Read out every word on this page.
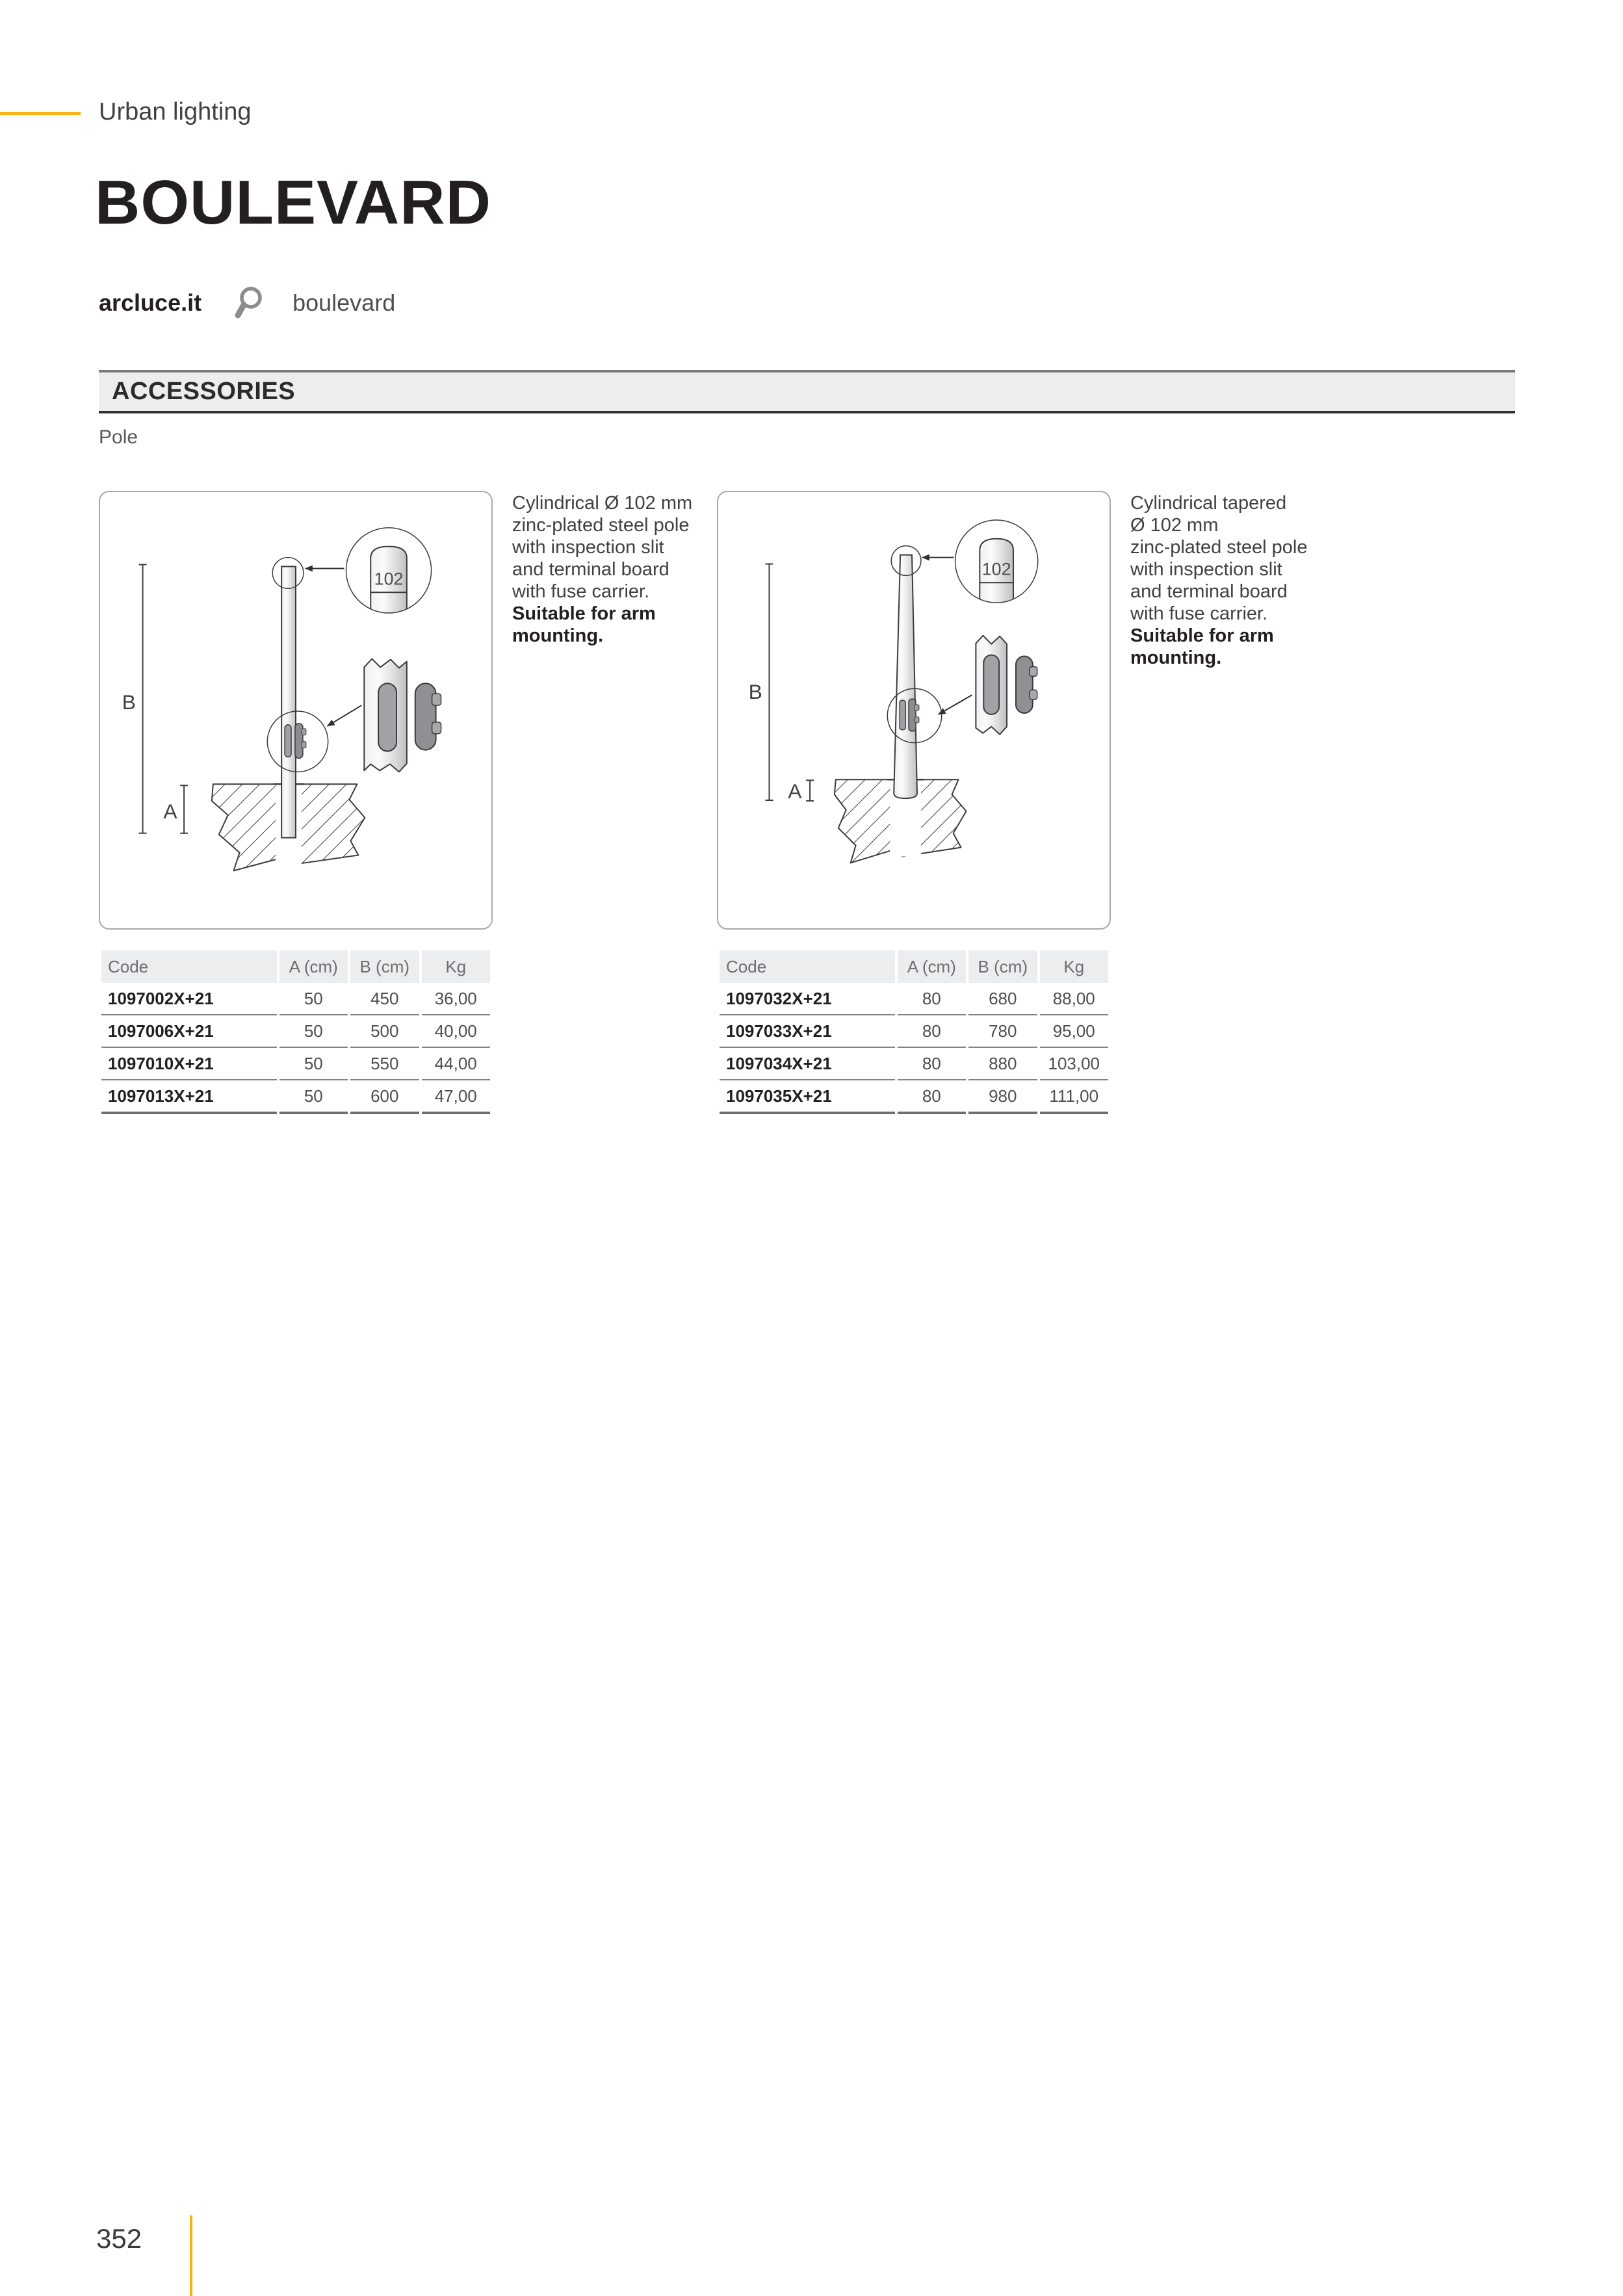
Urban lighting
BOULEVARD
arcluce.it	boulevard
ACCESSORIES
Pole
B
A
102
Cylindrical Ø 102 mm
zinc-plated steel pole
with inspection slit
and terminal board
with fuse carrier.
Suitable for arm
mounting.
Code	A (cm)	B (cm)	Kg
1097002X+21	50	450	36,00
1097006X+21	50	500	40,00
1097010X+21	50	550	44,00
1097013X+21	50	600	47,00
B
A
102
Cylindrical tapered
Ø 102 mm
zinc-plated steel pole
with inspection slit
and terminal board
with fuse carrier.
Suitable for arm
mounting.
Code	A (cm)	B (cm)	Kg
1097032X+21	80	680	88,00
1097033X+21	80	780	95,00
1097034X+21	80	880	103,00
1097035X+21	80	980	111,00
352
